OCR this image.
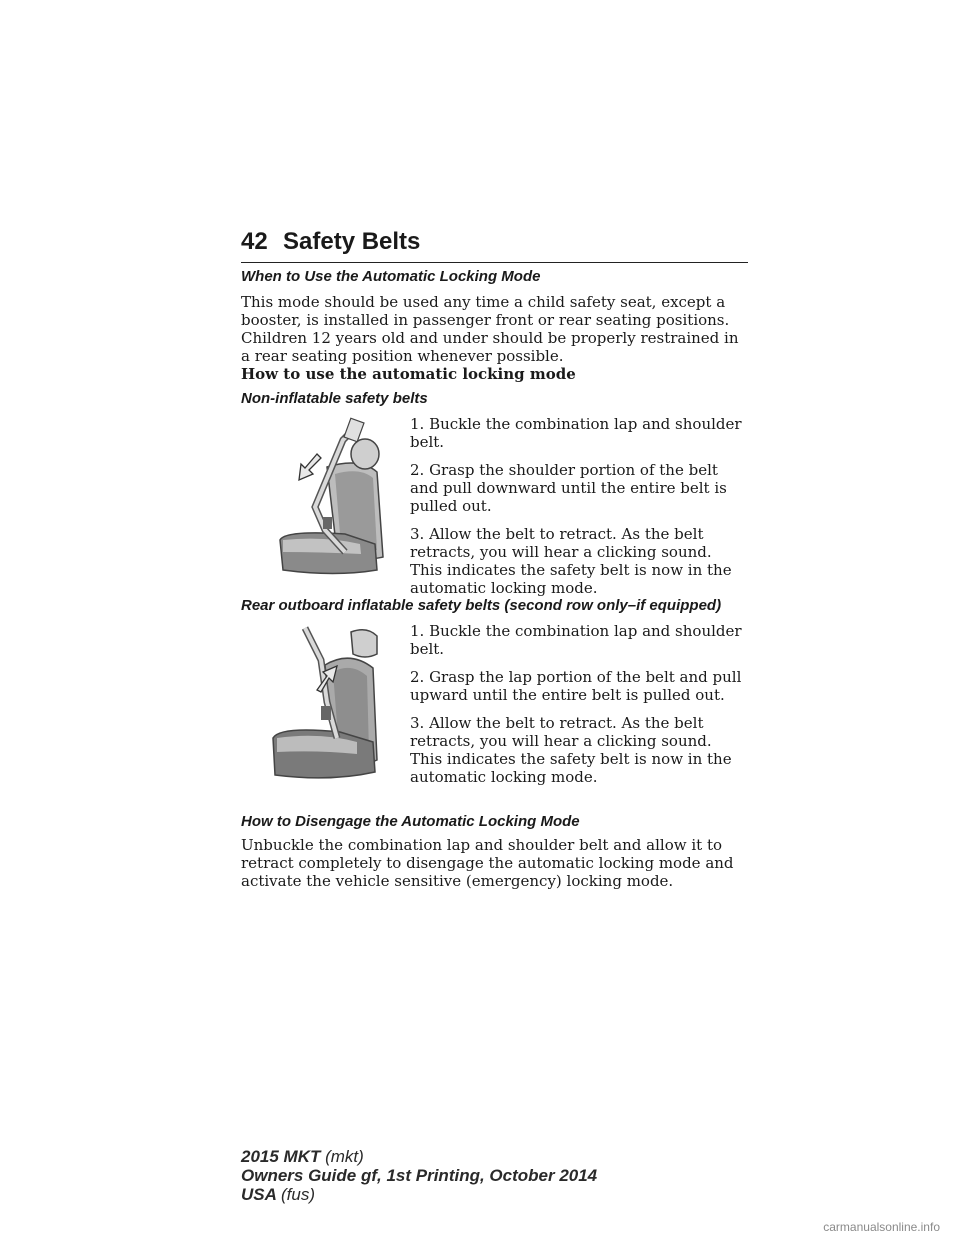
42 Safety Belts

When to Use the Automatic Locking Mode

This mode should be used any time a child safety seat, except a booster, is installed in passenger front or rear seating positions. Children 12 years old and under should be properly restrained in a rear seating position whenever possible.

How to use the automatic locking mode

Non-inflatable safety belts

1. Buckle the combination lap and shoulder belt.

2. Grasp the shoulder portion of the belt and pull downward until the entire belt is pulled out.

3. Allow the belt to retract. As the belt retracts, you will hear a clicking sound. This indicates the safety belt is now in the automatic locking mode.

Rear outboard inflatable safety belts (second row only–if equipped)

1. Buckle the combination lap and shoulder belt.

2. Grasp the lap portion of the belt and pull upward until the entire belt is pulled out.

3. Allow the belt to retract. As the belt retracts, you will hear a clicking sound. This indicates the safety belt is now in the automatic locking mode.

How to Disengage the Automatic Locking Mode

Unbuckle the combination lap and shoulder belt and allow it to retract completely to disengage the automatic locking mode and activate the vehicle sensitive (emergency) locking mode.

2015 MKT (mkt)
Owners Guide gf, 1st Printing, October 2014
USA (fus)
carmanualsonline.info
